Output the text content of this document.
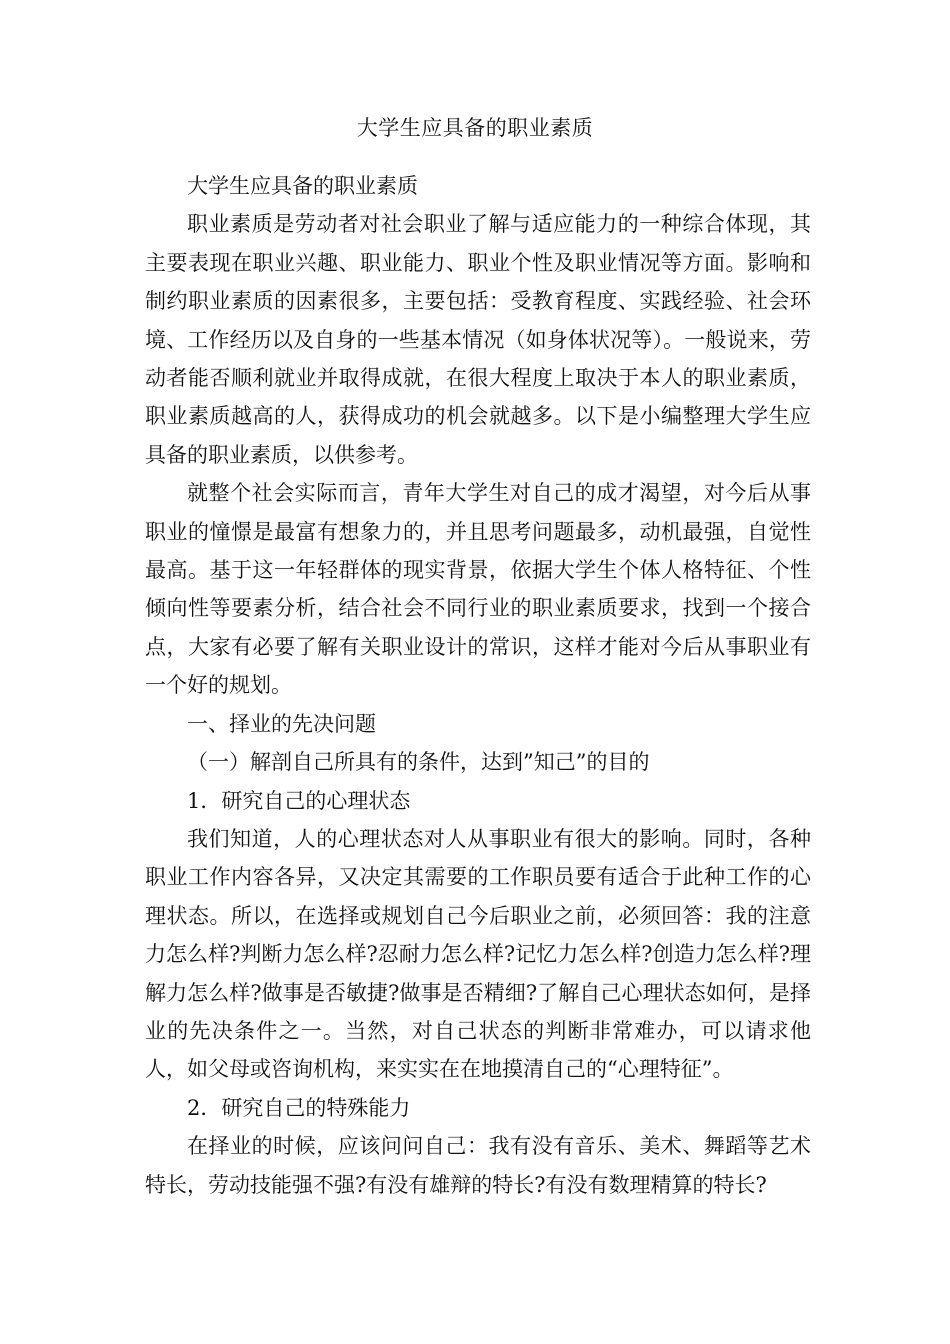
大学生应具备的职业素质

大学生应具备的职业素质

职业素质是劳动者对社会职业了解与适应能力的一种综合体现，其主要表现在职业兴趣、职业能力、职业个性及职业情况等方面。影响和制约职业素质的因素很多，主要包括：受教育程度、实践经验、社会环境、工作经历以及自身的一些基本情况（如身体状况等）。一般说来，劳动者能否顺利就业并取得成就，在很大程度上取决于本人的职业素质，职业素质越高的人，获得成功的机会就越多。以下是小编整理大学生应具备的职业素质，以供参考。

就整个社会实际而言，青年大学生对自己的成才渴望，对今后从事职业的憧憬是最富有想象力的，并且思考问题最多，动机最强，自觉性最高。基于这一年轻群体的现实背景，依据大学生个体人格特征、个性倾向性等要素分析，结合社会不同行业的职业素质要求，找到一个接合点，大家有必要了解有关职业设计的常识，这样才能对今后从事职业有一个好的规划。

一、择业的先决问题

（一）解剖自己所具有的条件，达到”知己”的目的

1．研究自己的心理状态

我们知道，人的心理状态对人从事职业有很大的影响。同时，各种职业工作内容各异，又决定其需要的工作职员要有适合于此种工作的心理状态。所以，在选择或规划自己今后职业之前，必须回答：我的注意力怎么样?判断力怎么样?忍耐力怎么样?记忆力怎么样?创造力怎么样?理解力怎么样?做事是否敏捷?做事是否精细?了解自己心理状态如何，是择业的先决条件之一。当然，对自己状态的判断非常难办，可以请求他人，如父母或咨询机构，来实实在在地摸清自己的“心理特征”。

2．研究自己的特殊能力

在择业的时候，应该问问自己：我有没有音乐、美术、舞蹈等艺术特长，劳动技能强不强?有没有雄辩的特长?有没有数理精算的特长?
